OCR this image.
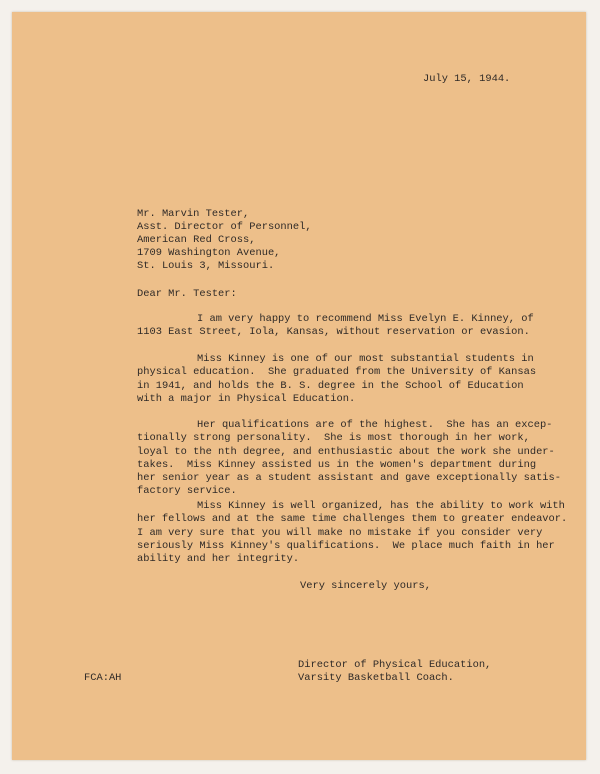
July 15, 1944.
Mr. Marvin Tester,
Asst. Director of Personnel,
American Red Cross,
1709 Washington Avenue,
St. Louis 3, Missouri.
Dear Mr. Tester:
I am very happy to recommend Miss Evelyn E. Kinney, of
1103 East Street, Iola, Kansas, without reservation or evasion.
Miss Kinney is one of our most substantial students in
physical education.  She graduated from the University of Kansas
in 1941, and holds the B. S. degree in the School of Education
with a major in Physical Education.
Her qualifications are of the highest.  She has an excep-
tionally strong personality.  She is most thorough in her work,
loyal to the nth degree, and enthusiastic about the work she under-
takes.  Miss Kinney assisted us in the women's department during
her senior year as a student assistant and gave exceptionally satis-
factory service.
Miss Kinney is well organized, has the ability to work with
her fellows and at the same time challenges them to greater endeavor.
I am very sure that you will make no mistake if you consider very
seriously Miss Kinney's qualifications.  We place much faith in her
ability and her integrity.
Very sincerely yours,
Director of Physical Education,
Varsity Basketball Coach.
FCA:AH
